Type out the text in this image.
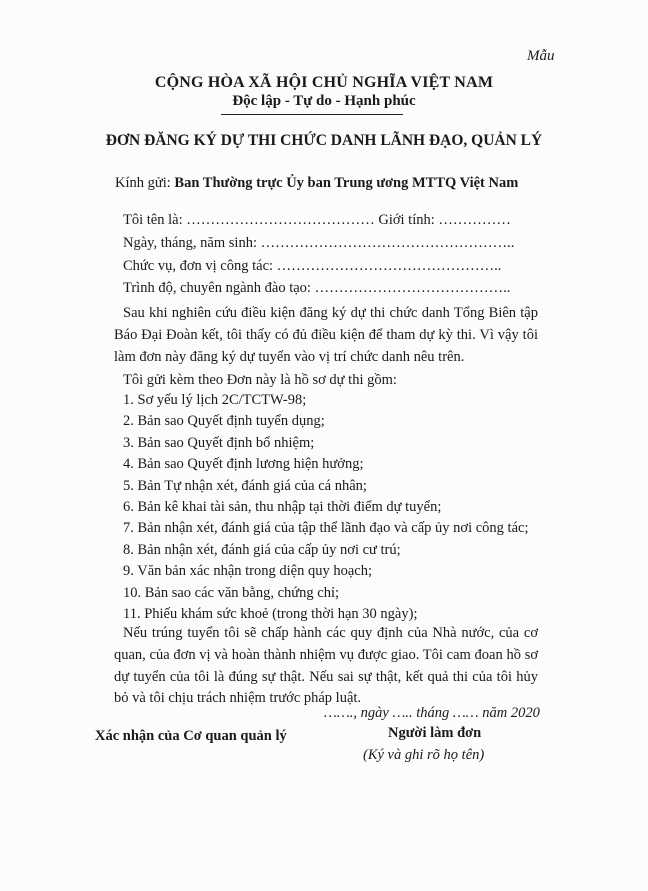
Mẫu
CỘNG HÒA XÃ HỘI CHỦ NGHĨA VIỆT NAM
Độc lập - Tự do - Hạnh phúc
ĐƠN ĐĂNG KÝ DỰ THI CHỨC DANH LÃNH ĐẠO, QUẢN LÝ
Kính gửi: Ban Thường trực Ủy ban Trung ương MTTQ Việt Nam
Tôi tên là: ………………………………… Giới tính: ……………
Ngày, tháng, năm sinh: ……………………………………………..
Chức vụ, đơn vị công tác: ………………………………………..
Trình độ, chuyên ngành đào tạo: …………………………………..
Sau khi nghiên cứu điều kiện đăng ký dự thi chức danh Tổng Biên tập Báo Đại Đoàn kết, tôi thấy có đủ điều kiện để tham dự kỳ thi. Vì vậy tôi làm đơn này đăng ký dự tuyển vào vị trí chức danh nêu trên.
Tôi gửi kèm theo Đơn này là hồ sơ dự thi gồm:
1. Sơ yếu lý lịch 2C/TCTW-98;
2. Bản sao Quyết định tuyển dụng;
3. Bản sao Quyết định bổ nhiệm;
4. Bản sao Quyết định lương hiện hưởng;
5. Bản Tự nhận xét, đánh giá của cá nhân;
6. Bản kê khai tài sản, thu nhập tại thời điểm dự tuyển;
7. Bản nhận xét, đánh giá của tập thể lãnh đạo và cấp ủy nơi công tác;
8. Bản nhận xét, đánh giá của cấp ủy nơi cư trú;
9. Văn bản xác nhận trong diện quy hoạch;
10. Bản sao các văn bằng, chứng chỉ;
11. Phiếu khám sức khoẻ (trong thời hạn 30 ngày);
Nếu trúng tuyển tôi sẽ chấp hành các quy định của Nhà nước, của cơ quan, của đơn vị và hoàn thành nhiệm vụ được giao. Tôi cam đoan hồ sơ dự tuyển của tôi là đúng sự thật. Nếu sai sự thật, kết quả thi của tôi hủy bỏ và tôi chịu trách nhiệm trước pháp luật.
……., ngày ….. tháng …… năm 2020
Xác nhận của Cơ quan quản lý	Người làm đơn
(Ký và ghi rõ họ tên)
